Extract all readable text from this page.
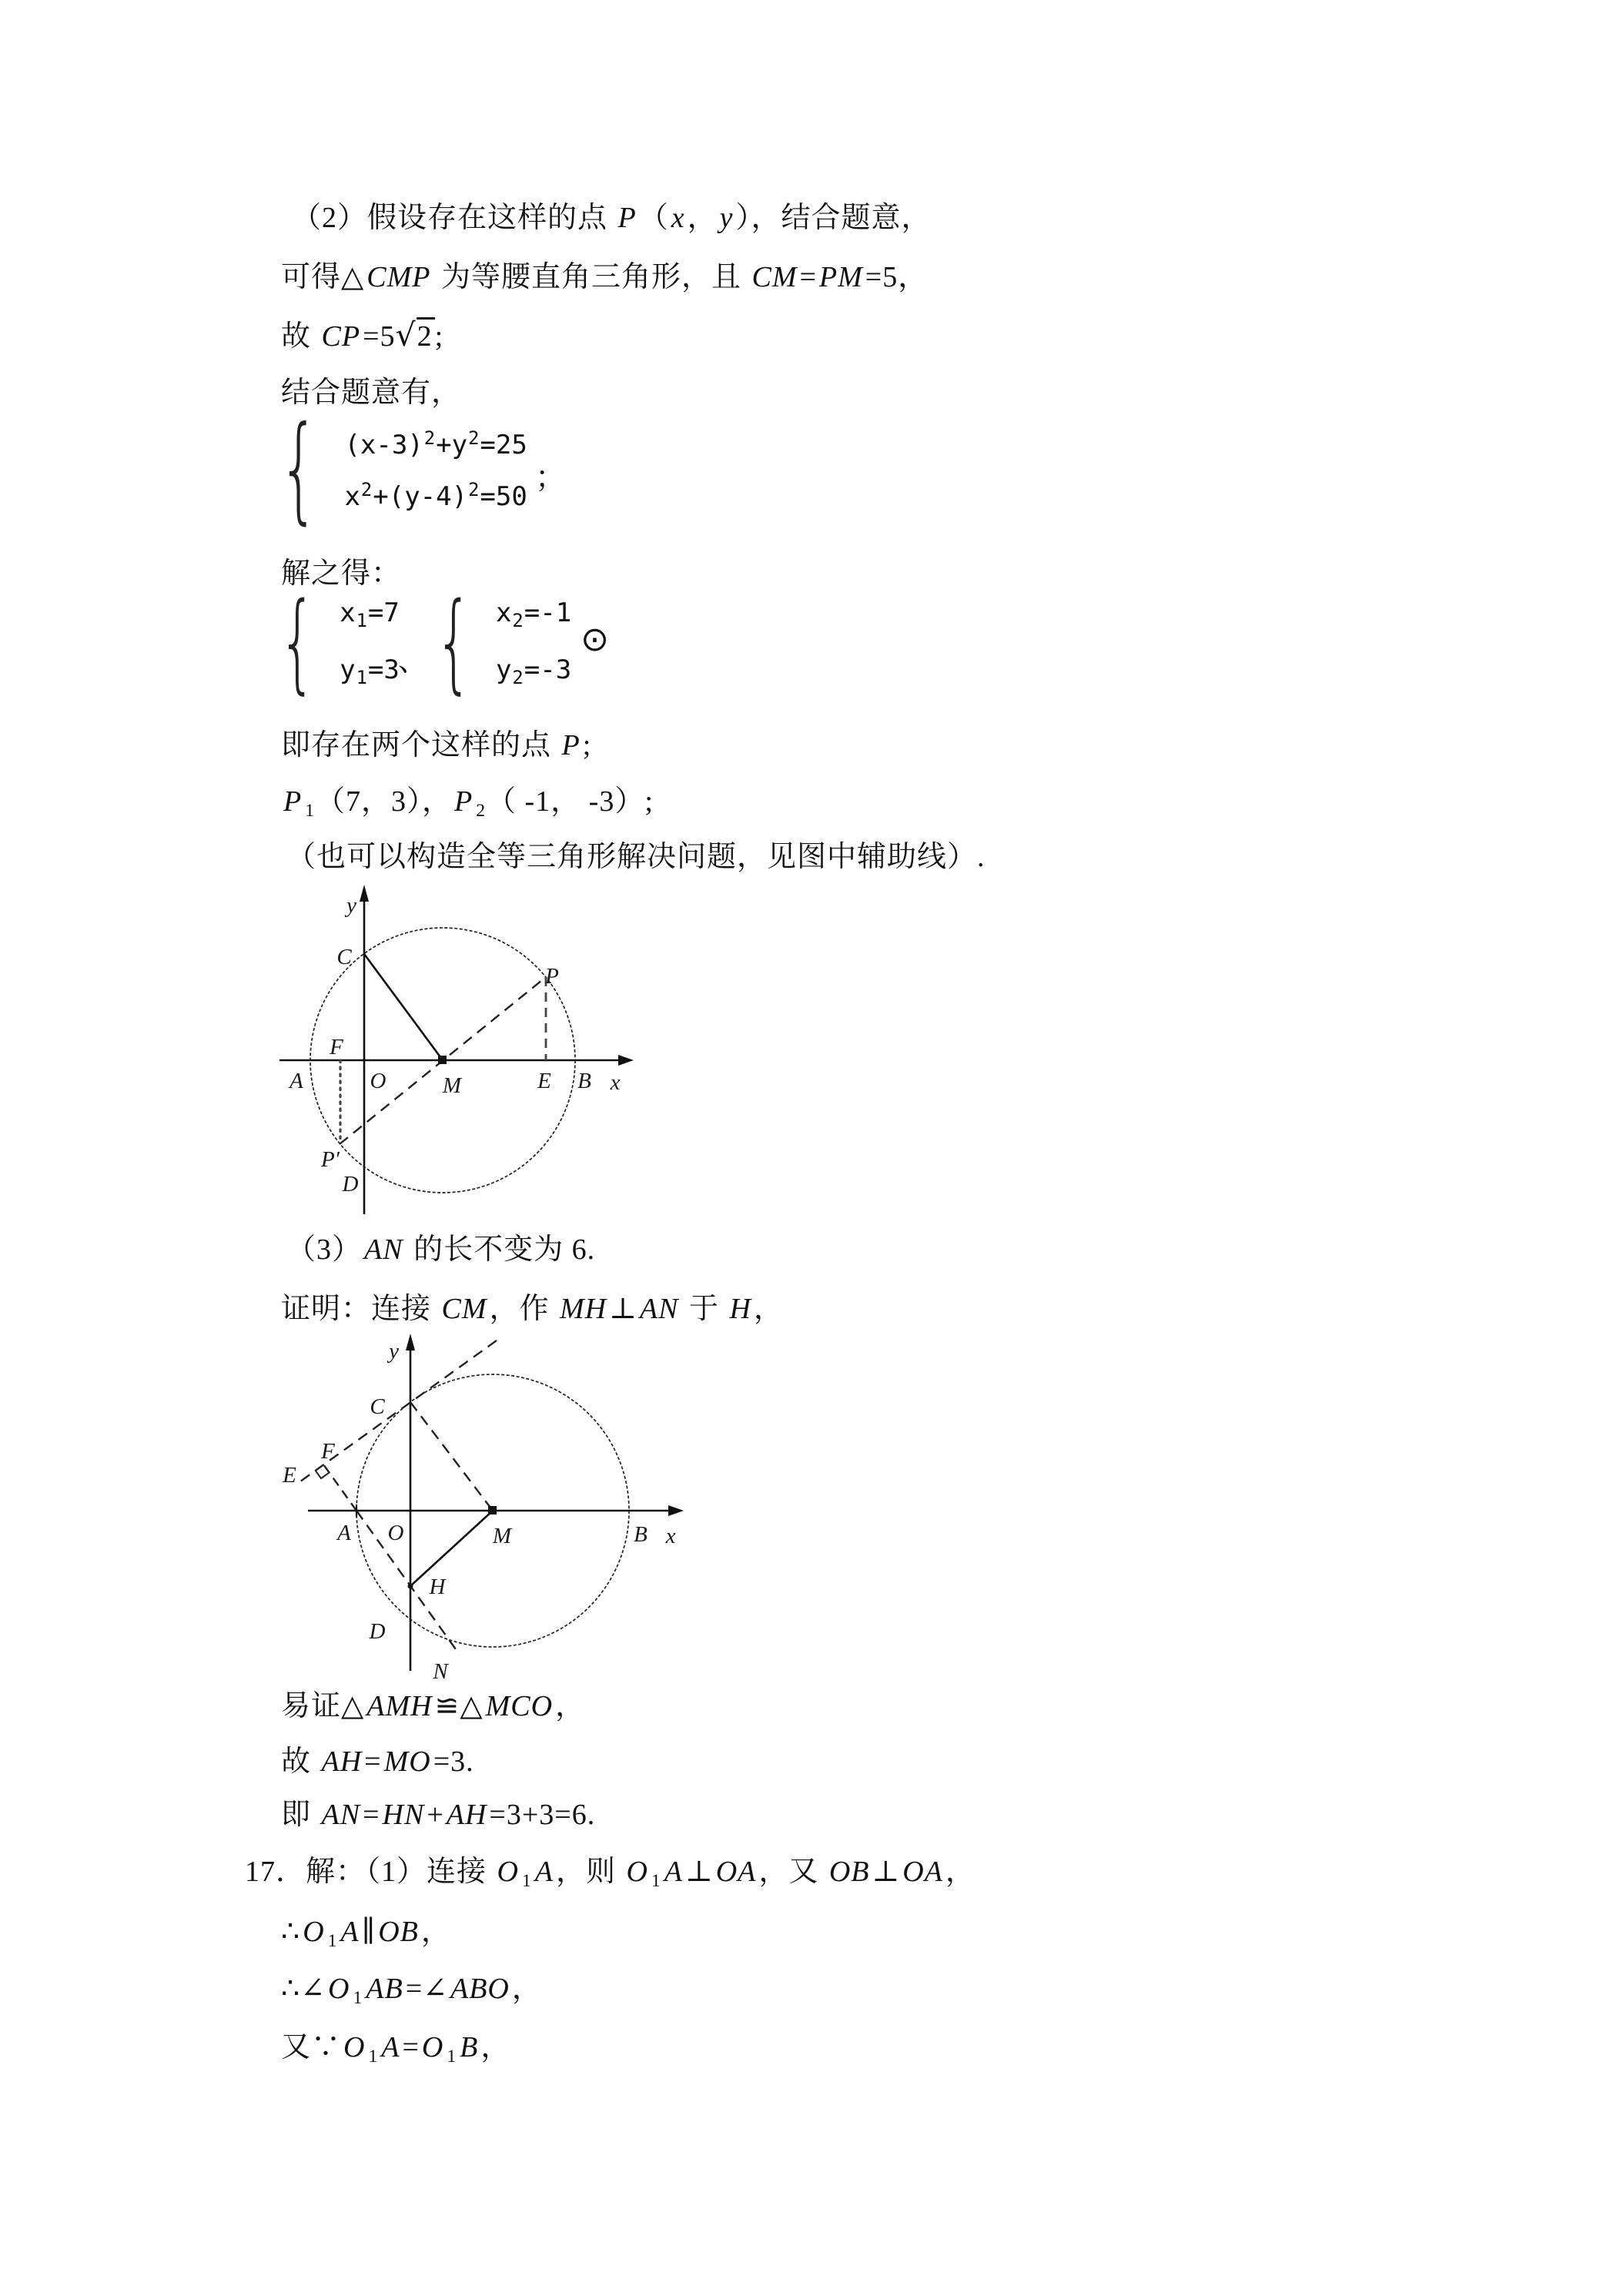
（2）假设存在这样的点 P（x，y），结合题意，
可得△CMP 为等腰直角三角形，且 CM=PM=5，
故 CP=5√2;
结合题意有，
{ $(x-3)^2+y^2=25$
$x^2+(y-4)^2=50$
；
解之得：
{ $x_1=7$
$y_1=3$
、 { $x_2=-1$
$y_2=-3$
⊙
即存在两个这样的点 P;
P 1（7，3），P 2（ -1， -3）;
（也可以构造全等三角形解决问题，见图中辅助线）.
y
C
P
F
A	O	M	E B x
P′
D
（3）AN 的长不变为 6.
证明：连接 CM，作 MH⊥AN 于 H，
y
C
E
F
A O	M	B x
H
D
N
易证△AMH≌△MCO，
故 AH=MO=3.
即 AN=HN+AH=3+3=6.
17．解：（1）连接 O 1 A，则 O 1 A⊥OA，又 OB⊥OA，
∴O 1 A∥OB，
∴∠O 1 AB=∠ABO，
又∵O 1 A=O 1 B，
